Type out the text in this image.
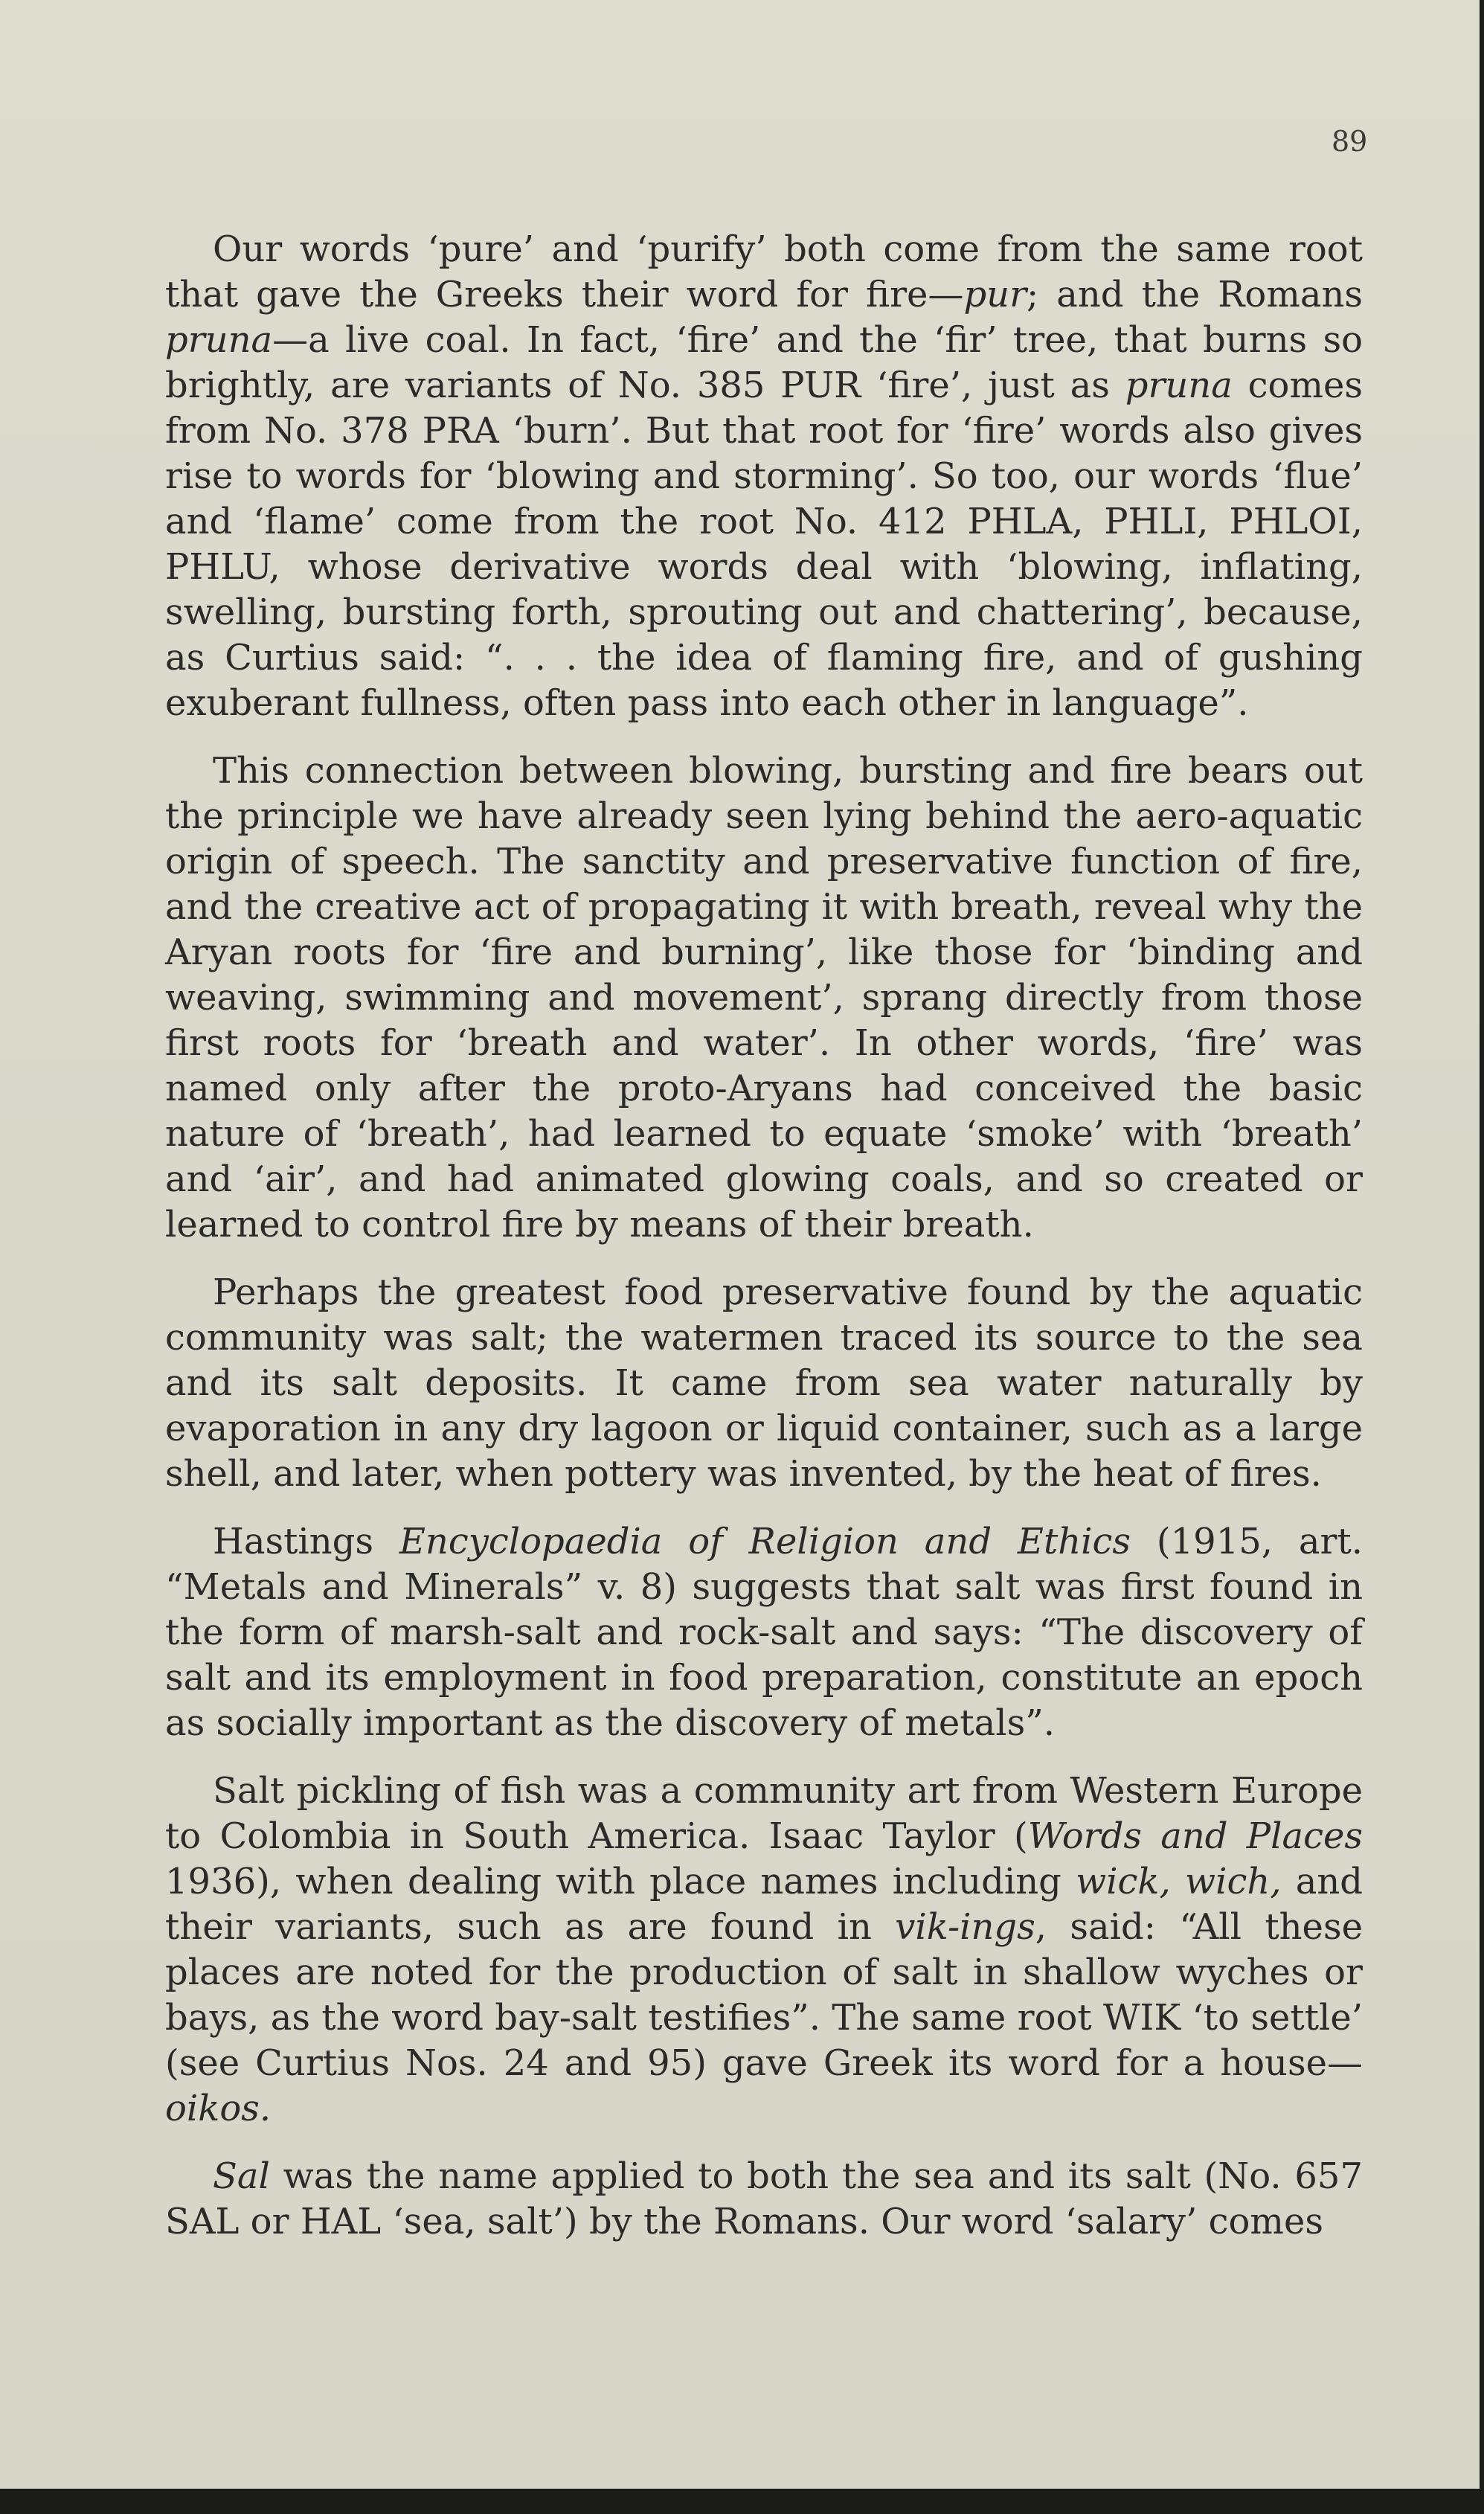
89

Our words ‘pure’ and ‘purify’ both come from the same root that gave the Greeks their word for fire—pur; and the Romans pruna—a live coal. In fact, ‘fire’ and the ‘fir’ tree, that burns so brightly, are variants of No. 385 PUR ‘fire’, just as pruna comes from No. 378 PRA ‘burn’. But that root for ‘fire’ words also gives rise to words for ‘blowing and storming’. So too, our words ‘flue’ and ‘flame’ come from the root No. 412 PHLA, PHLI, PHLOI, PHLU, whose derivative words deal with ‘blowing, inflating, swelling, bursting forth, sprouting out and chattering’, because, as Curtius said: “. . . the idea of flaming fire, and of gushing exuberant fullness, often pass into each other in language”.

This connection between blowing, bursting and fire bears out the principle we have already seen lying behind the aero-aquatic origin of speech. The sanctity and preservative function of fire, and the creative act of propagating it with breath, reveal why the Aryan roots for ‘fire and burning’, like those for ‘binding and weaving, swimming and movement’, sprang directly from those first roots for ‘breath and water’. In other words, ‘fire’ was named only after the proto-Aryans had conceived the basic nature of ‘breath’, had learned to equate ‘smoke’ with ‘breath’ and ‘air’, and had animated glowing coals, and so created or learned to control fire by means of their breath.

Perhaps the greatest food preservative found by the aquatic community was salt; the watermen traced its source to the sea and its salt deposits. It came from sea water naturally by evaporation in any dry lagoon or liquid container, such as a large shell, and later, when pottery was invented, by the heat of fires.

Hastings Encyclopaedia of Religion and Ethics (1915, art. “Metals and Minerals” v. 8) suggests that salt was first found in the form of marsh-salt and rock-salt and says: “The discovery of salt and its employment in food preparation, constitute an epoch as socially important as the discovery of metals”.

Salt pickling of fish was a community art from Western Europe to Colombia in South America. Isaac Taylor (Words and Places 1936), when dealing with place names including wick, wich, and their variants, such as are found in vik-ings, said: “All these places are noted for the production of salt in shallow wyches or bays, as the word bay-salt testifies”. The same root WIK ‘to settle’ (see Curtius Nos. 24 and 95) gave Greek its word for a house—oikos.

Sal was the name applied to both the sea and its salt (No. 657 SAL or HAL ‘sea, salt’) by the Romans. Our word ‘salary’ comes
